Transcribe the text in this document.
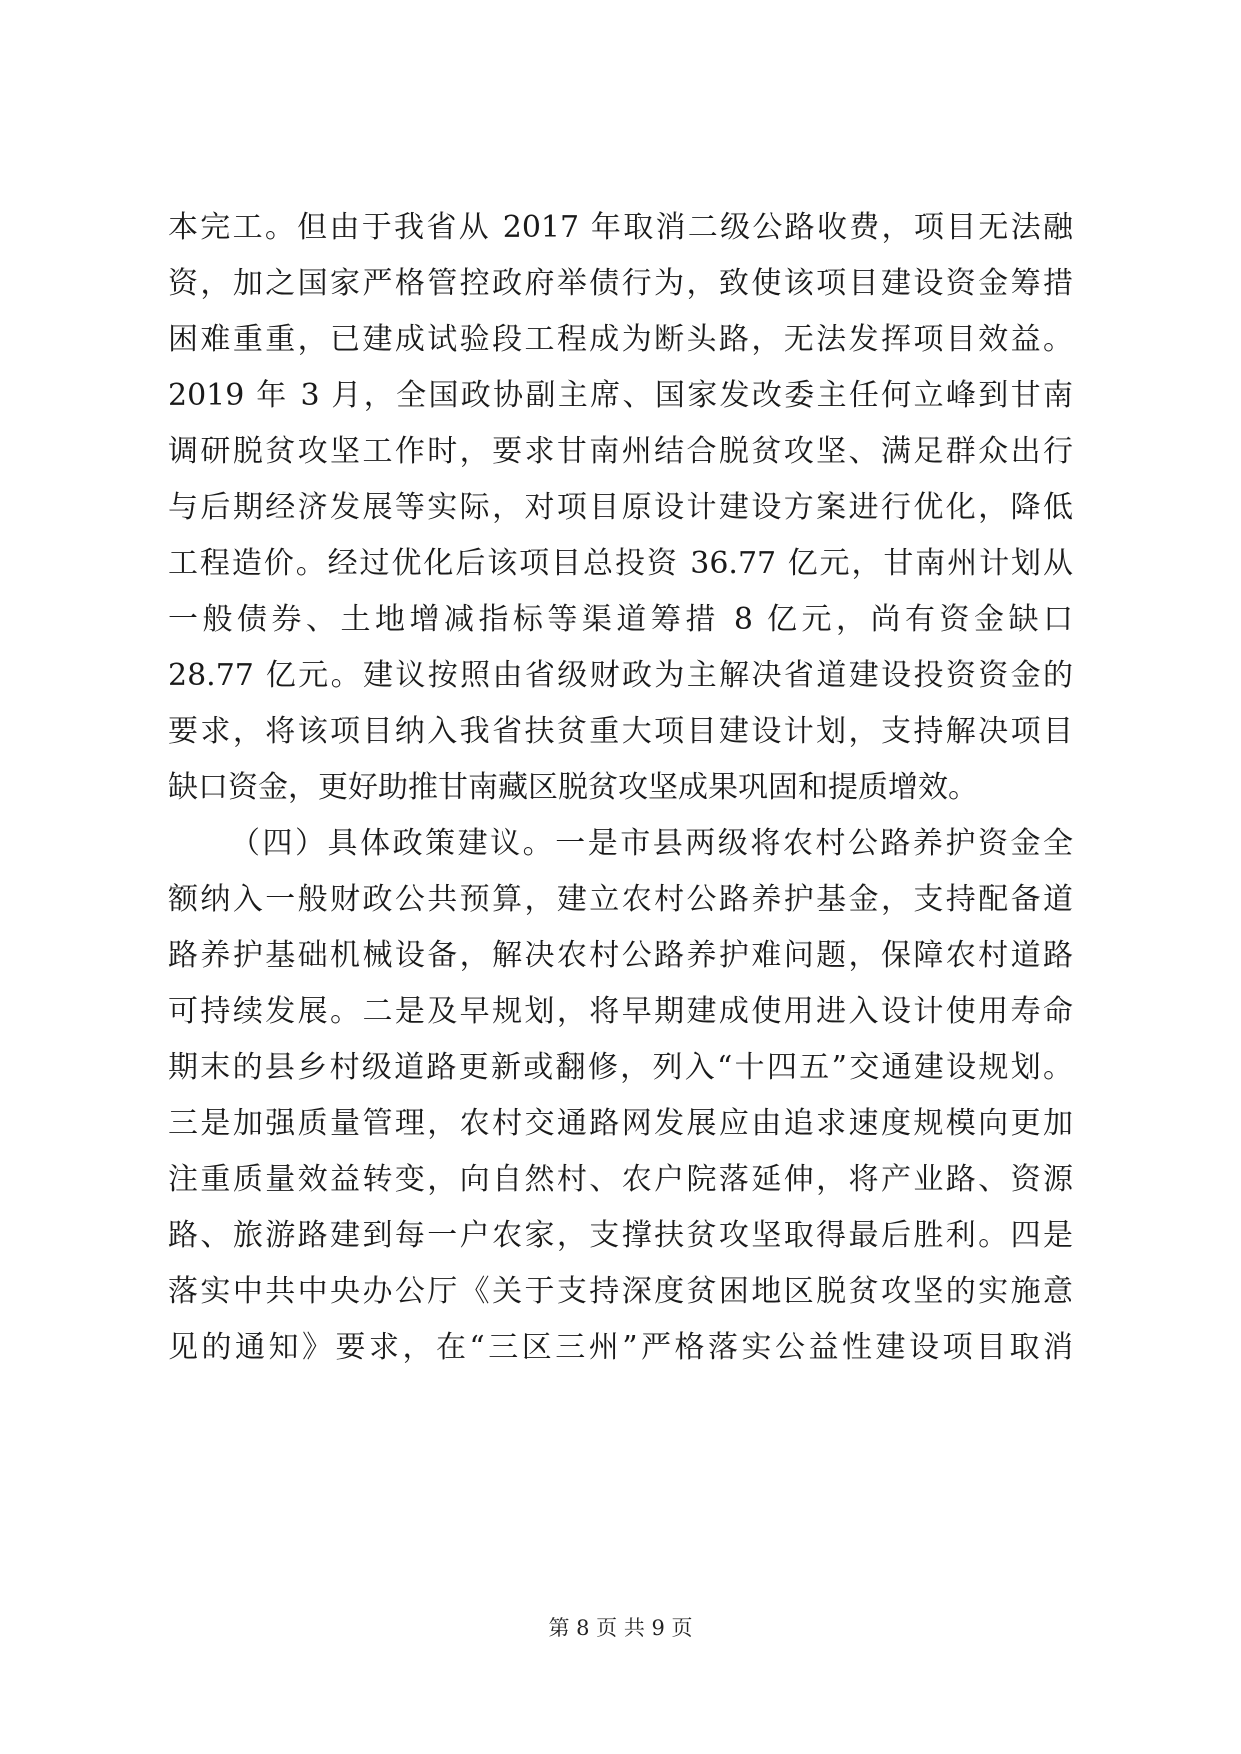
本完工。但由于我省从 2017 年取消二级公路收费，项目无法融
资，加之国家严格管控政府举债行为，致使该项目建设资金筹措
困难重重，已建成试验段工程成为断头路，无法发挥项目效益。
2019 年 3 月，全国政协副主席、国家发改委主任何立峰到甘南
调研脱贫攻坚工作时，要求甘南州结合脱贫攻坚、满足群众出行
与后期经济发展等实际，对项目原设计建设方案进行优化，降低
工程造价。经过优化后该项目总投资 36.77 亿元，甘南州计划从
一般债券、土地增减指标等渠道筹措 8 亿元，尚有资金缺口
28.77 亿元。建议按照由省级财政为主解决省道建设投资资金的
要求，将该项目纳入我省扶贫重大项目建设计划，支持解决项目
缺口资金，更好助推甘南藏区脱贫攻坚成果巩固和提质增效。
（四）具体政策建议。一是市县两级将农村公路养护资金全
额纳入一般财政公共预算，建立农村公路养护基金，支持配备道
路养护基础机械设备，解决农村公路养护难问题，保障农村道路
可持续发展。二是及早规划，将早期建成使用进入设计使用寿命
期末的县乡村级道路更新或翻修，列入“十四五”交通建设规划。
三是加强质量管理，农村交通路网发展应由追求速度规模向更加
注重质量效益转变，向自然村、农户院落延伸，将产业路、资源
路、旅游路建到每一户农家，支撑扶贫攻坚取得最后胜利。四是
落实中共中央办公厅《关于支持深度贫困地区脱贫攻坚的实施意
见的通知》要求，在“三区三州”严格落实公益性建设项目取消
第 8 页 共 9 页
